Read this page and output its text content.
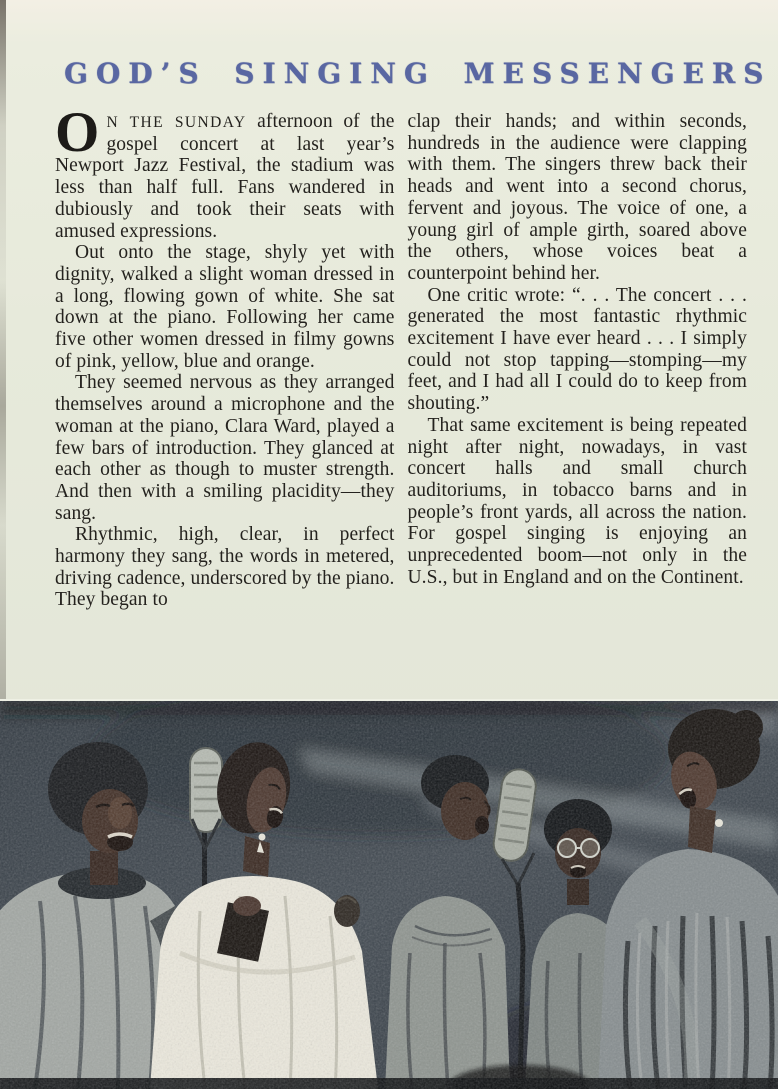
GOD’S SINGING MESSENGERS

O N THE SUNDAY afternoon of the gospel concert at last year’s Newport Jazz Festival, the stadium was less than half full. Fans wandered in dubiously and took their seats with amused expressions.

Out onto the stage, shyly yet with dignity, walked a slight woman dressed in a long, flowing gown of white. She sat down at the piano. Following her came five other women dressed in filmy gowns of pink, yellow, blue and orange.

They seemed nervous as they arranged themselves around a microphone and the woman at the piano, Clara Ward, played a few bars of introduction. They glanced at each other as though to muster strength. And then with a smiling placidity—they sang.

Rhythmic, high, clear, in perfect harmony they sang, the words in metered, driving cadence, underscored by the piano. They began to

clap their hands; and within seconds, hundreds in the audience were clapping with them. The singers threw back their heads and went into a second chorus, fervent and joyous. The voice of one, a young girl of ample girth, soared above the others, whose voices beat a counterpoint behind her.

One critic wrote: “. . . The concert . . . generated the most fantastic rhythmic excitement I have ever heard . . . I simply could not stop tapping—stomping—my feet, and I had all I could do to keep from shouting.”

That same excitement is being repeated night after night, nowadays, in vast concert halls and small church auditoriums, in tobacco barns and in people’s front yards, all across the nation. For gospel singing is enjoying an unprecedented boom—not only in the U.S., but in England and on the Continent.
